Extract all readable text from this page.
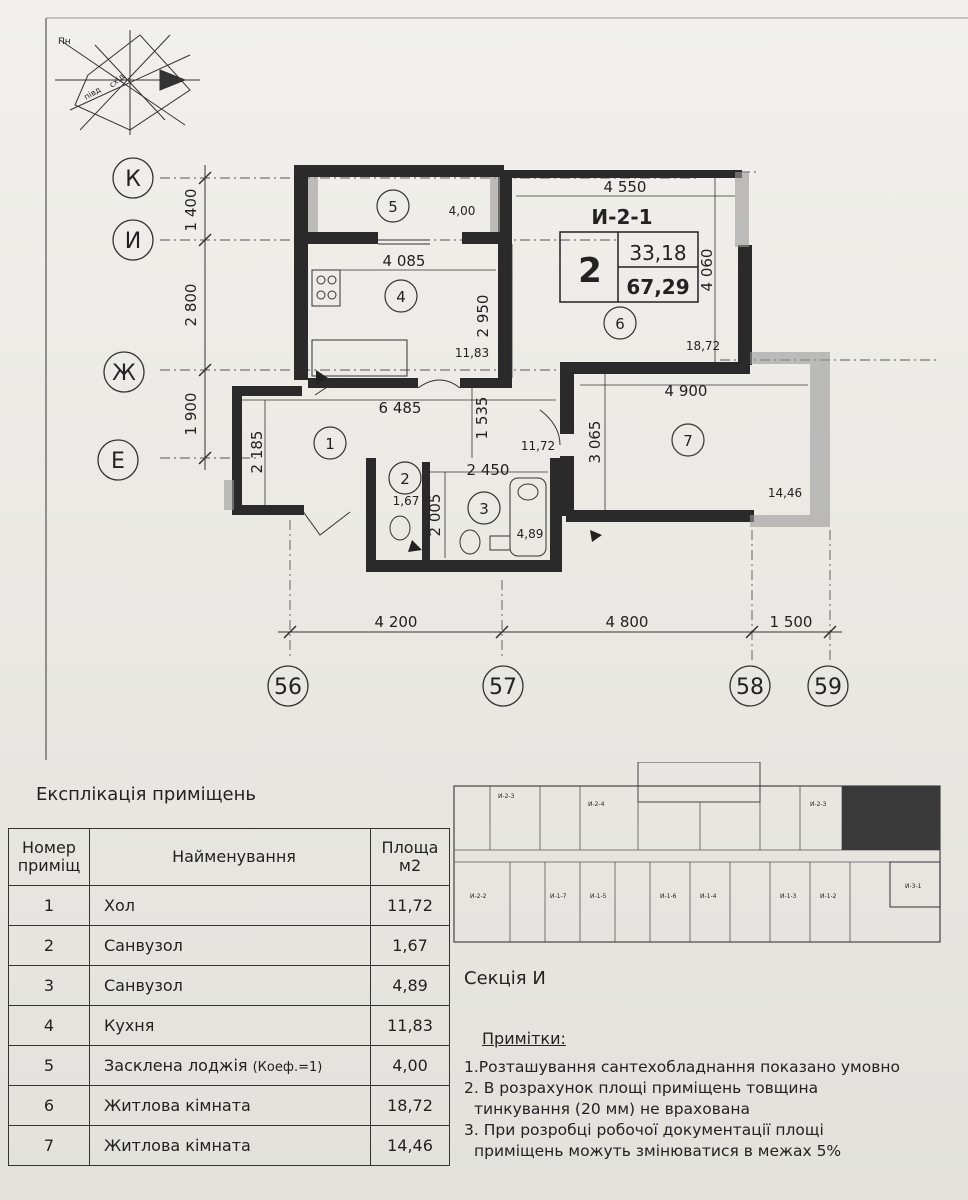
Пн
півд
схід
1 400
2 800
1 900
4 200	4 800	1 500
К
И
Ж
Е
56	57	58 59
4 550
4 085
2 950
4 060
4 900
6 485	1 535
2 185	3 065
2 450
2 005
5
4
6
1	7
2
3
4,00
11,83	18,72
11,72
14,46
1,67
4,89
И-2-1
2 33,18
67,29
Експлікація приміщень
Номер приміщ	Найменування	Площа м2
1	Хол	11,72
2	Санвузол	1,67
3	Санвузол	4,89
4	Кухня	11,83
5	Засклена лоджія (Коеф.=1)	4,00
6	Житлова кімната	18,72
7	Житлова кімната	14,46
И-2-3
И-2-4	И-2-3
И-2-2	И-1-7	И-1-5	И-1-6	И-1-4	И-1-3	И-1-2
И-3-1
Секція И
Примітки:
1.Розташування сантехобладнання показано умовно
2. В розрахунок площі приміщень товщина
тинкування (20 мм) не врахована
3. При розробці робочої документації площі
приміщень можуть змінюватися в межах 5%
